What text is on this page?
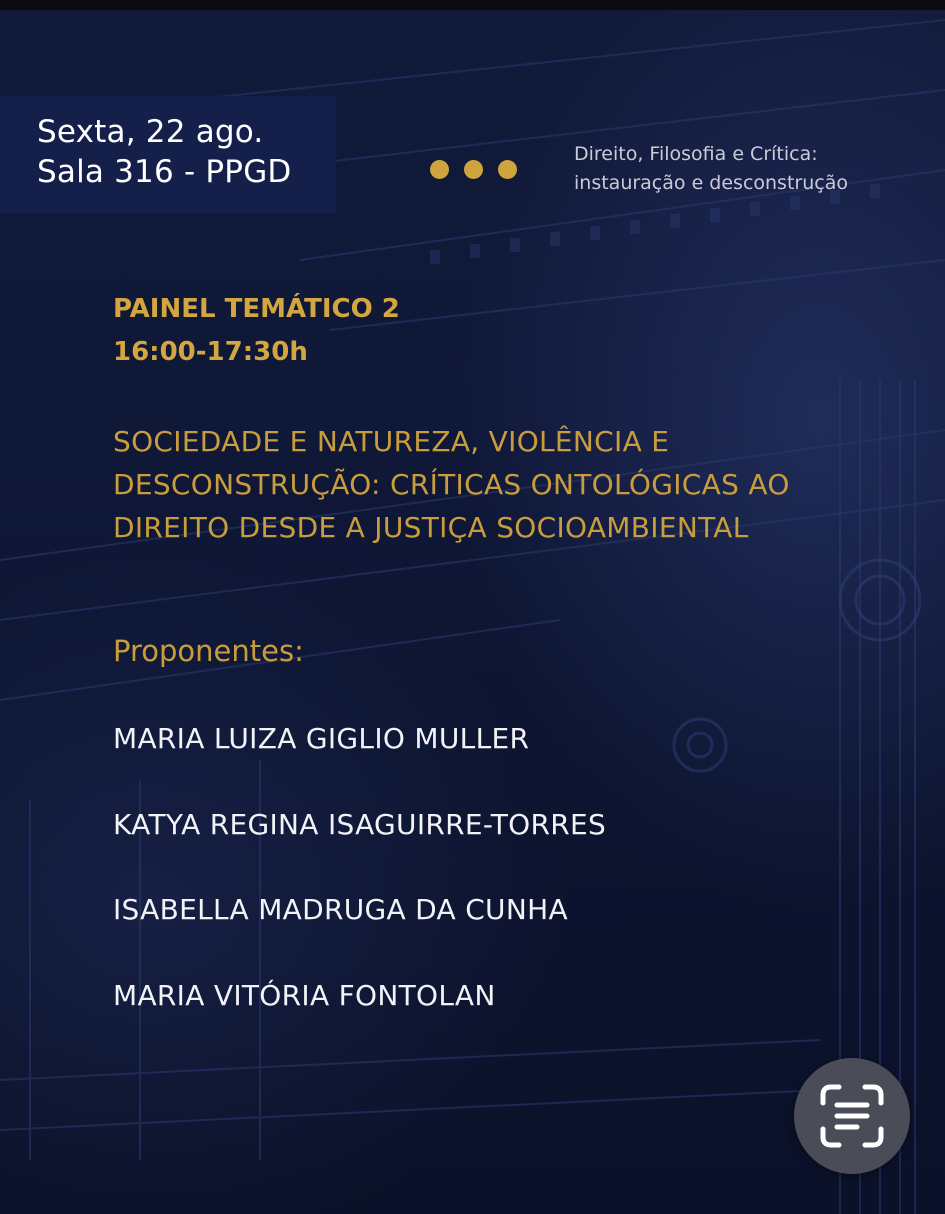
Sexta, 22 ago.
Sala 316 - PPGD	Direito, Filosofia e Crítica:
instauração e desconstrução
PAINEL TEMÁTICO 2
16:00-17:30h
SOCIEDADE E NATUREZA, VIOLÊNCIA E DESCONSTRUÇÃO: CRÍTICAS ONTOLÓGICAS AO DIREITO DESDE A JUSTIÇA SOCIOAMBIENTAL
Proponentes:
MARIA LUIZA GIGLIO MULLER
KATYA REGINA ISAGUIRRE-TORRES
ISABELLA MADRUGA DA CUNHA
MARIA VITÓRIA FONTOLAN
